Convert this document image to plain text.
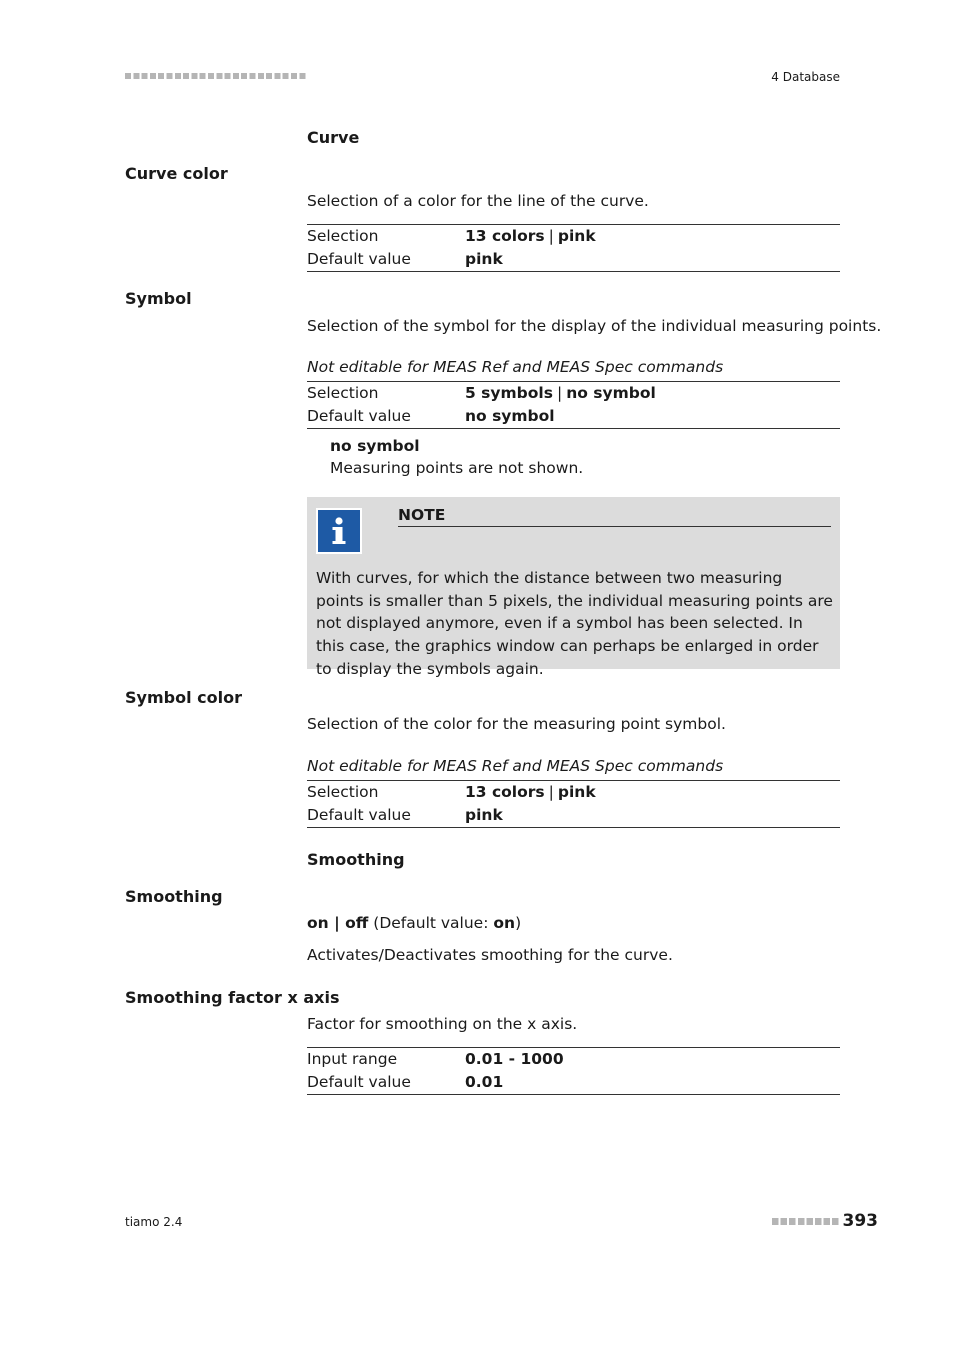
4 Database
Curve
Curve color
Selection of a color for the line of the curve.
Selection	13 colors | pink
Default value	pink
Symbol
Selection of the symbol for the display of the individual measuring points.
Not editable for MEAS Ref and MEAS Spec commands
Selection	5 symbols | no symbol
Default value	no symbol
no symbol
Measuring points are not shown.
NOTE
With curves, for which the distance between two measuring points is smaller than 5 pixels, the individual measuring points are not displayed anymore, even if a symbol has been selected. In this case, the graphics window can perhaps be enlarged in order to display the symbols again.
Symbol color
Selection of the color for the measuring point symbol.
Not editable for MEAS Ref and MEAS Spec commands
Selection	13 colors | pink
Default value	pink
Smoothing
Smoothing
on | off (Default value: on)
Activates/Deactivates smoothing for the curve.
Smoothing factor x axis
Factor for smoothing on the x axis.
Input range	0.01 - 1000
Default value	0.01
tiamo 2.4	393
